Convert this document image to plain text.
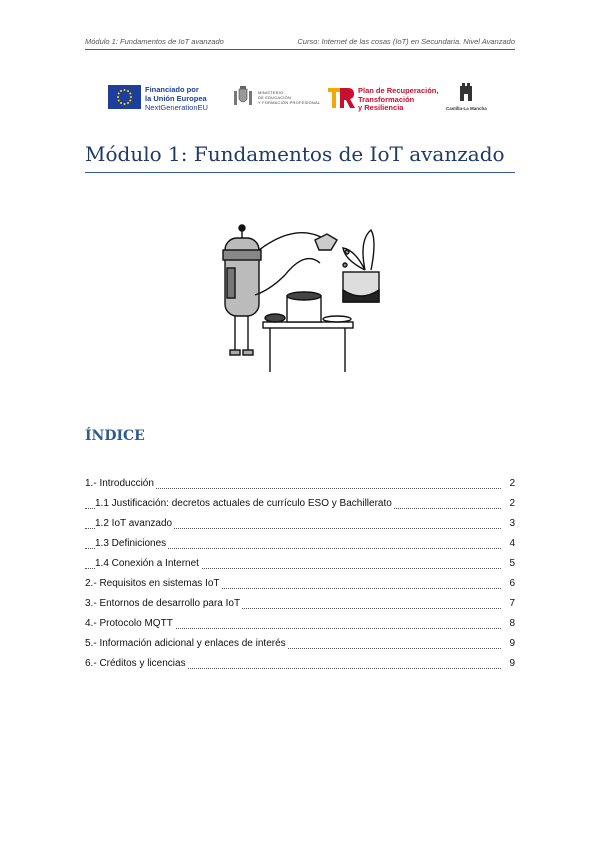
Módulo 1: Fundamentos de IoT avanzado	Curso: Internet de las cosas (IoT) en Secundaria. Nivel Avanzado
Financiado por
la Unión Europea
NextGenerationEU
MINISTERIO
DE EDUCACIÓN
Y FORMACIÓN PROFESIONAL
Plan de Recuperación,
Transformación
y Resiliencia	Castilla-La Mancha
Módulo 1: Fundamentos de IoT avanzado
ÍNDICE
1.- Introducción	2
1.1 Justificación: decretos actuales de currículo ESO y Bachillerato	2
1.2 IoT avanzado	3
1.3 Definiciones	4
1.4 Conexión a Internet	5
2.- Requisitos en sistemas IoT	6
3.- Entornos de desarrollo para IoT	7
4.- Protocolo MQTT	8
5.- Información adicional y enlaces de interés	9
6.- Créditos y licencias	9
